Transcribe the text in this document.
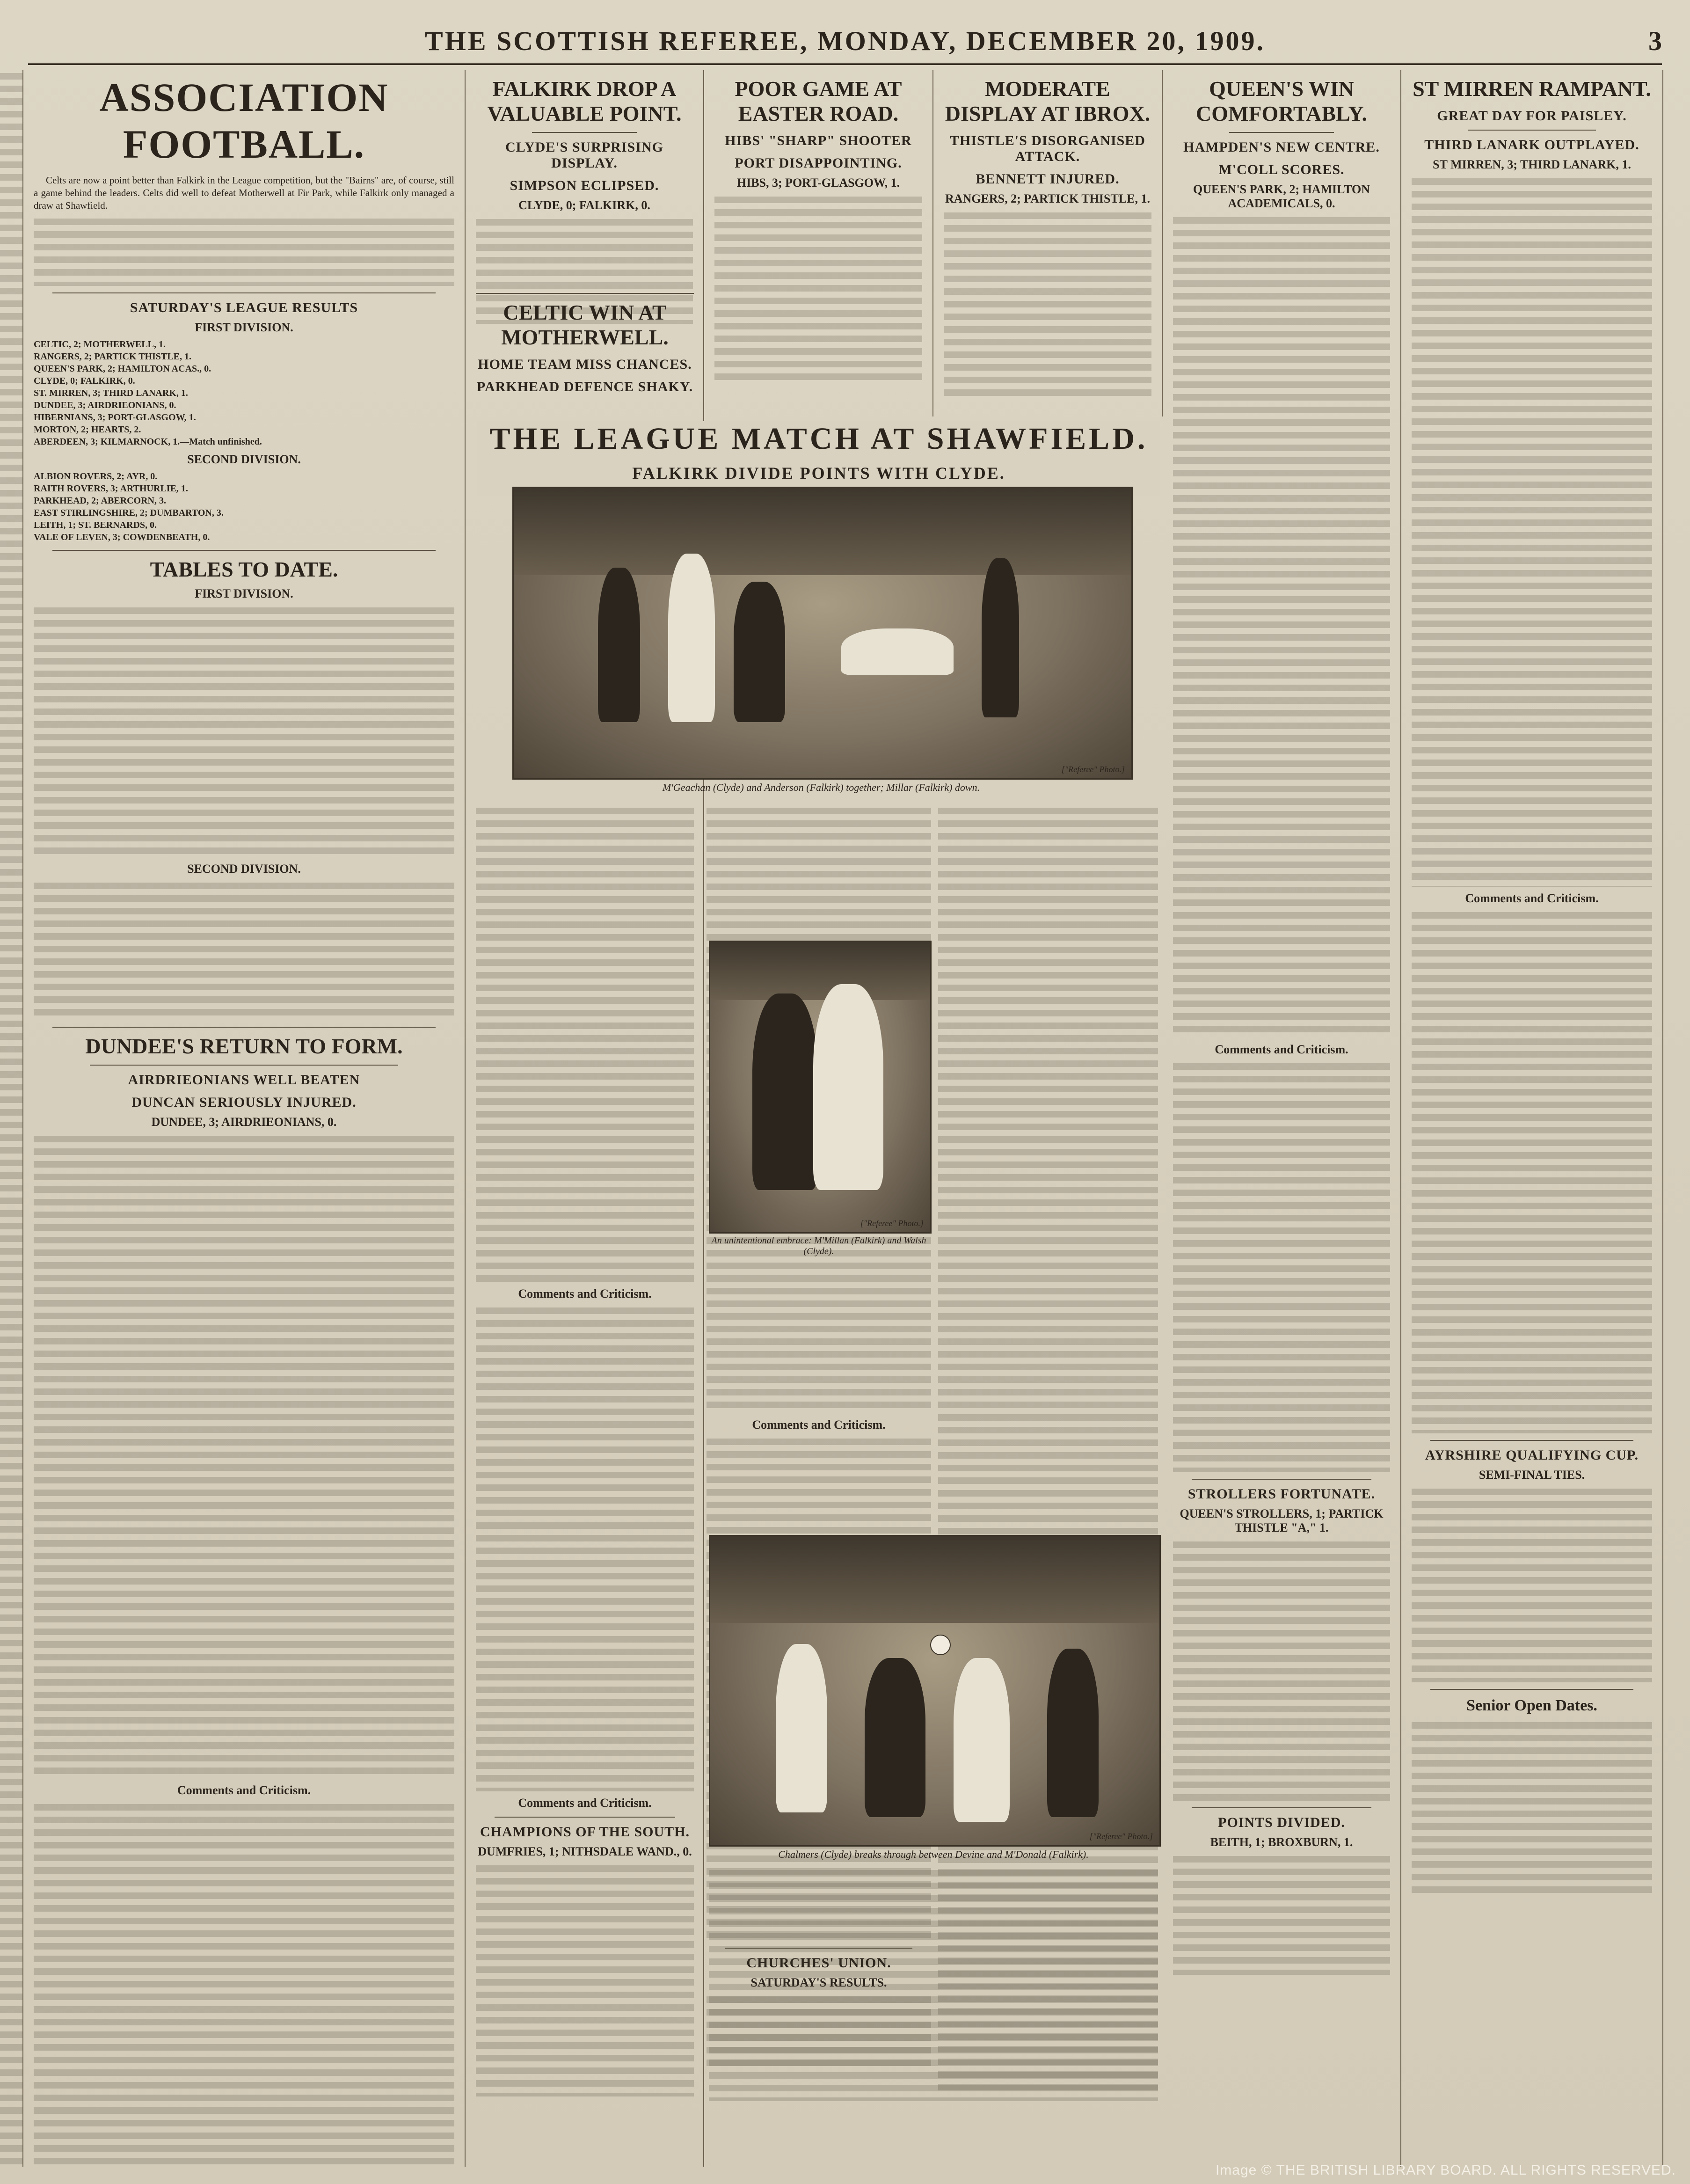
THE SCOTTISH REFEREE, MONDAY, DECEMBER 20, 1909.	3
ASSOCIATION FOOTBALL.

Celts are now a point better than Falkirk in the League competition, but the "Bairns" are, of course, still a game behind the leaders. Celts did well to defeat Motherwell at Fir Park, while Falkirk only managed a draw at Shawfield.

SATURDAY'S LEAGUE RESULTS
FIRST DIVISION.

CELTIC, 2; MOTHERWELL, 1.

RANGERS, 2; PARTICK THISTLE, 1.

QUEEN'S PARK, 2; HAMILTON ACAS., 0.

CLYDE, 0; FALKIRK, 0.

ST. MIRREN, 3; THIRD LANARK, 1.

DUNDEE, 3; AIRDRIEONIANS, 0.

HIBERNIANS, 3; PORT-GLASGOW, 1.

MORTON, 2; HEARTS, 2.

ABERDEEN, 3; KILMARNOCK, 1.—Match unfinished.

SECOND DIVISION.

ALBION ROVERS, 2; AYR, 0.

RAITH ROVERS, 3; ARTHURLIE, 1.

PARKHEAD, 2; ABERCORN, 3.

EAST STIRLINGSHIRE, 2; DUMBARTON, 3.

LEITH, 1; ST. BERNARDS, 0.

VALE OF LEVEN, 3; COWDENBEATH, 0.

TABLES TO DATE.
FIRST DIVISION.
SECOND DIVISION.
DUNDEE'S RETURN TO FORM.
AIRDRIEONIANS WELL BEATEN
DUNCAN SERIOUSLY INJURED.
DUNDEE, 3; AIRDRIEONIANS, 0.
Comments and Criticism.
FALKIRK DROP A VALUABLE POINT.
CLYDE'S SURPRISING DISPLAY.
SIMPSON ECLIPSED.
CLYDE, 0; FALKIRK, 0.
CELTIC WIN AT MOTHERWELL.
HOME TEAM MISS CHANCES.
PARKHEAD DEFENCE SHAKY.
POOR GAME AT EASTER ROAD.
HIBS' "SHARP" SHOOTER
PORT DISAPPOINTING.
HIBS, 3; PORT-GLASGOW, 1.
MODERATE DISPLAY AT IBROX.
THISTLE'S DISORGANISED ATTACK.
BENNETT INJURED.
RANGERS, 2; PARTICK THISTLE, 1.
QUEEN'S WIN COMFORTABLY.
HAMPDEN'S NEW CENTRE.
M'COLL SCORES.
QUEEN'S PARK, 2; HAMILTON ACADEMICALS, 0.
Comments and Criticism.
STROLLERS FORTUNATE.
QUEEN'S STROLLERS, 1; PARTICK THISTLE "A," 1.
POINTS DIVIDED.
BEITH, 1; BROXBURN, 1.
ST MIRREN RAMPANT.
GREAT DAY FOR PAISLEY.
THIRD LANARK OUTPLAYED.
ST MIRREN, 3; THIRD LANARK, 1.
Comments and Criticism.
AYRSHIRE QUALIFYING CUP.
SEMI-FINAL TIES.
Senior Open Dates.
THE LEAGUE MATCH AT SHAWFIELD.
FALKIRK DIVIDE POINTS WITH CLYDE.
["Referee" Photo.]
M'Geachan (Clyde) and Anderson (Falkirk) together; Millar (Falkirk) down.
Comments and Criticism.
Comments and Criticism.
CHAMPIONS OF THE SOUTH.
DUMFRIES, 1; NITHSDALE WAND., 0.
Comments and Criticism.
CHURCHES' UNION.
SATURDAY'S RESULTS.
["Referee" Photo.]
An unintentional embrace: M'Millan (Falkirk) and Walsh (Clyde).
["Referee" Photo.]
Chalmers (Clyde) breaks through between Devine and M'Donald (Falkirk).
Image © THE BRITISH LIBRARY BOARD. ALL RIGHTS RESERVED.
